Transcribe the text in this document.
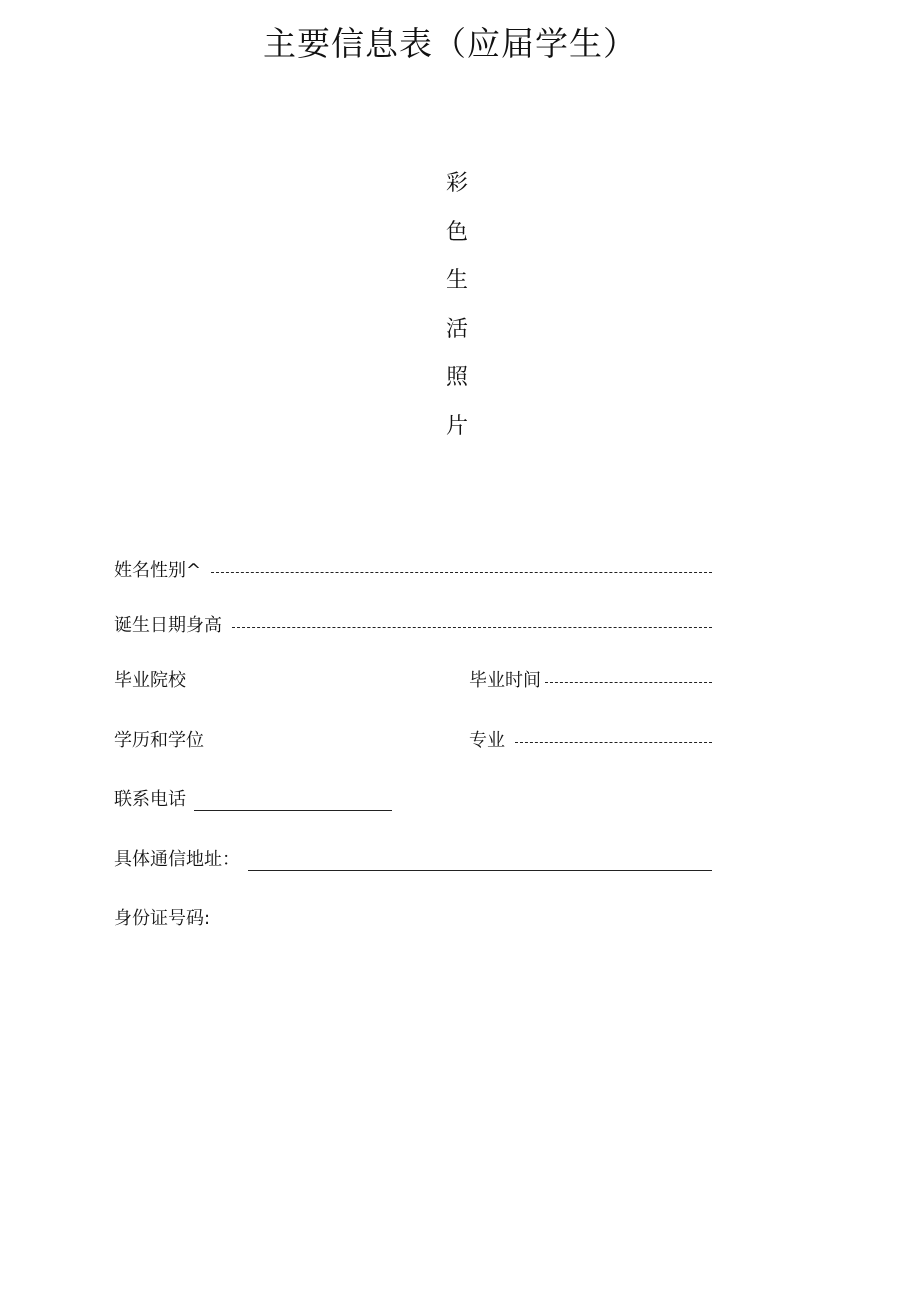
主要信息表（应届学生）
彩
色
生
活
照
片
姓名性别^
诞生日期身高
毕业院校	毕业时间
学历和学位	专业
联系电话
具体通信地址：
身份证号码:
